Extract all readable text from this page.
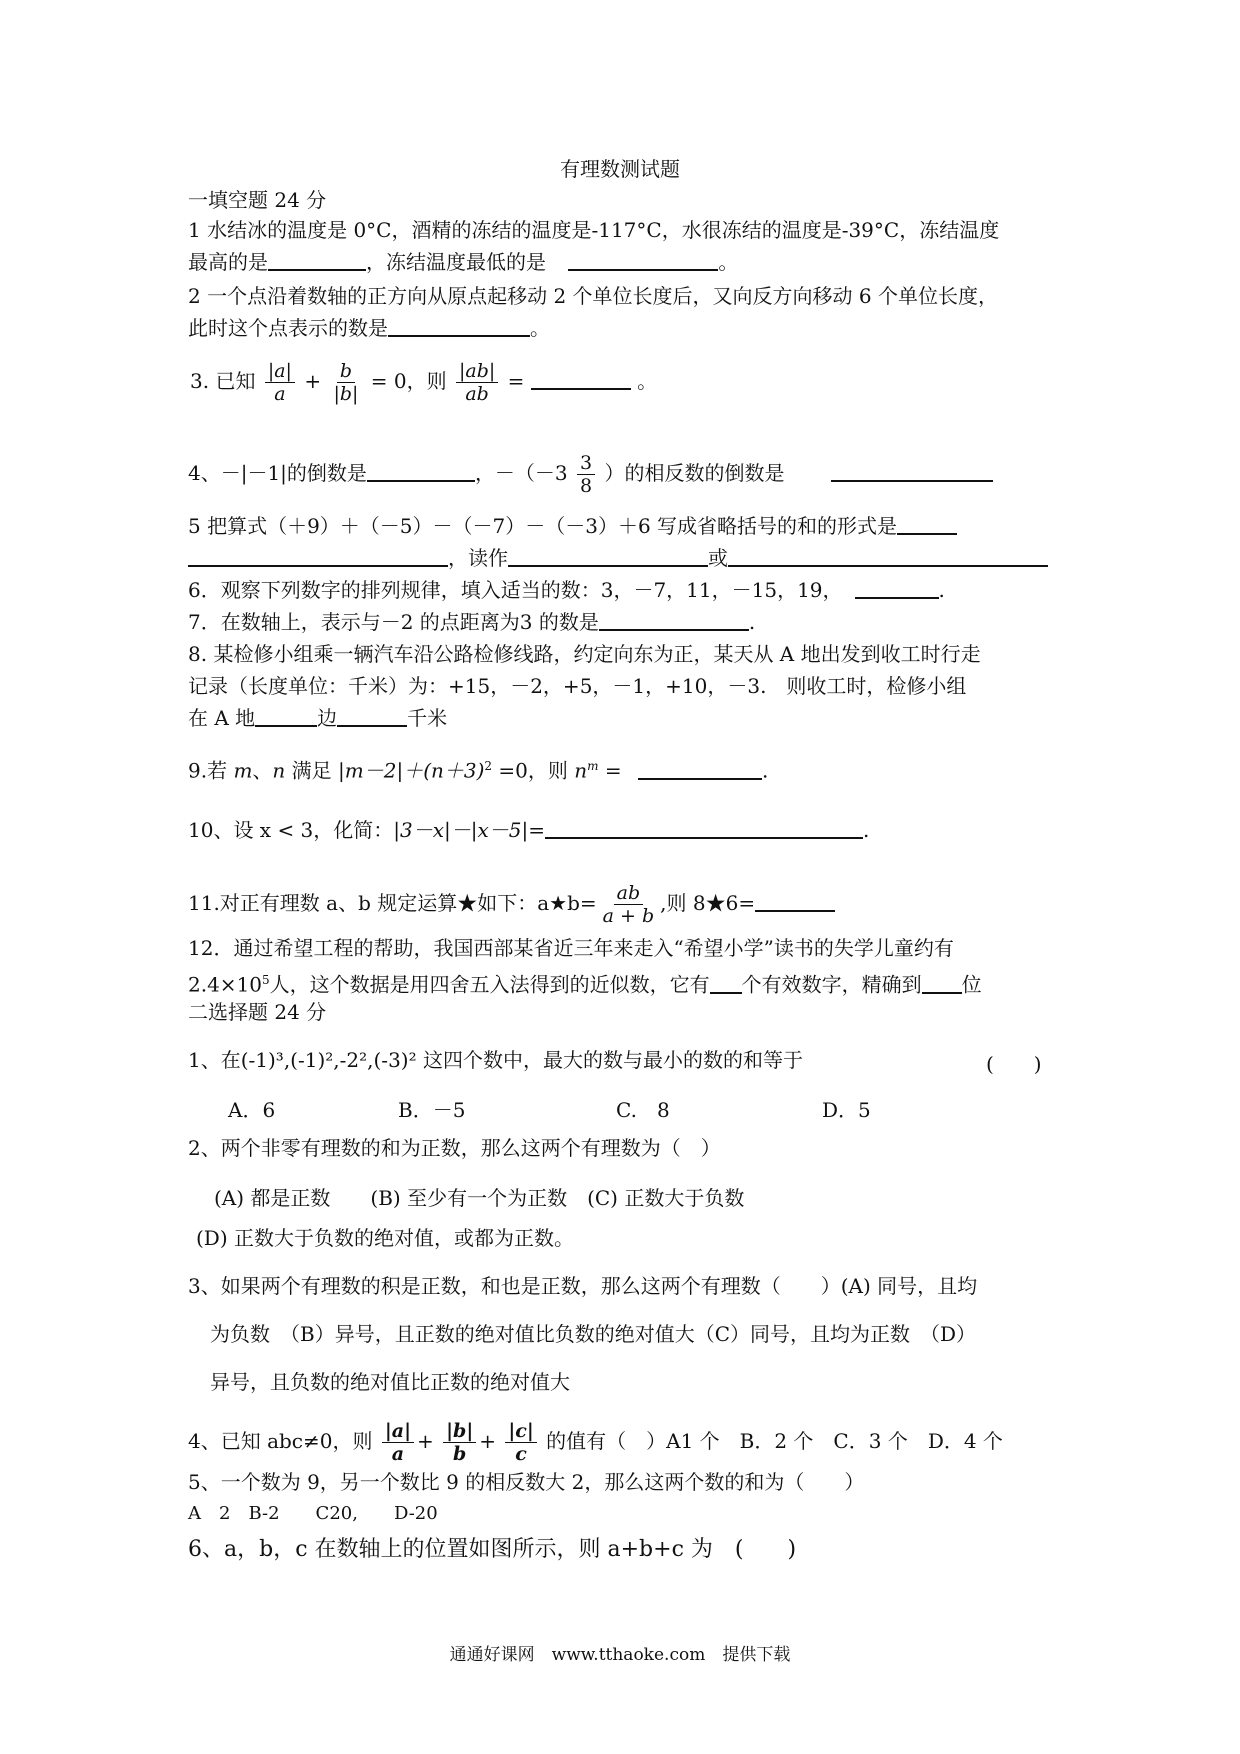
有理数测试题
一填空题 24 分
1 水结冰的温度是 0°C，酒精的冻结的温度是-117°C，水很冻结的温度是-39°C，冻结温度
最高的是	，冻结温度最低的是	。
2 一个点沿着数轴的正方向从原点起移动 2 个单位长度后，又向反方向移动 6 个单位长度，
此时这个点表示的数是	。
3. 已知 $\frac{|a|}{a} + \frac{b}{|b|} = 0$，则 $\frac{|ab|}{ab}$ =	。
4、－|－1|的倒数是	，$-(-3 \frac{3}{8}$ ）的相反数的倒数是
5 把算式（＋9）＋（－5）－（－7）－（－3）＋6 写成省略括号的和的形式是
，读作	或
6．观察下列数字的排列规律，填入适当的数：3，－7，11，－15，19，	.
7．在数轴上，表示与－2 的点距离为3 的数是	.
8. 某检修小组乘一辆汽车沿公路检修线路，约定向东为正，某天从 A 地出发到收工时行走
记录（长度单位：千米）为：+15，－2，+5，－1，+10，－3.　则收工时，检修小组
在 A 地	边	千米
9.若 m、n 满足 $|m-2|+(n+3)^2 =0$，则 $n^m$ =	.
10、设 x < 3，化简：|3－x|－|x－5|=	.
11.对正有理数 a、b 规定运算★如下：a★b= $\frac{ab}{a + b}$ ,则 8★6=
12．通过希望工程的帮助，我国西部某省近三年来走入“希望小学”读书的失学儿童约有
$2.4\times 10^5$人，这个数据是用四舍五入法得到的近似数，它有 个有效数字，精确到 位
二选择题 24 分
1、在(-1)³,(-1)²,-2²,(-3)² 这四个数中，最大的数与最小的数的和等于	(　　)
A．6	B．－5	C.　8	D．5
2、两个非零有理数的和为正数，那么这两个有理数为（　）
(A) 都是正数　　(B) 至少有一个为正数　(C) 正数大于负数
(D) 正数大于负数的绝对值，或都为正数。
3、如果两个有理数的积是正数，和也是正数，那么这两个有理数（　　）(A) 同号，且均
为负数　（B）异号，且正数的绝对值比负数的绝对值大（C）同号，且均为正数　（D）
异号，且负数的绝对值比正数的绝对值大
4、已知 abc≠0，则 $\frac{|a|}{a} + \frac{|b|}{b} + \frac{|c|}{c}$ 的值有（　）A1 个　B．2 个　C．3 个　D．4 个
5、一个数为 9，另一个数比 9 的相反数大 2，那么这两个数的和为（　　）
A　2　B-2　　C20,　　D-20
6、a，b，c 在数轴上的位置如图所示，则 a+b+c 为　(　　)
通通好课网　www.tthaoke.com　提供下载
